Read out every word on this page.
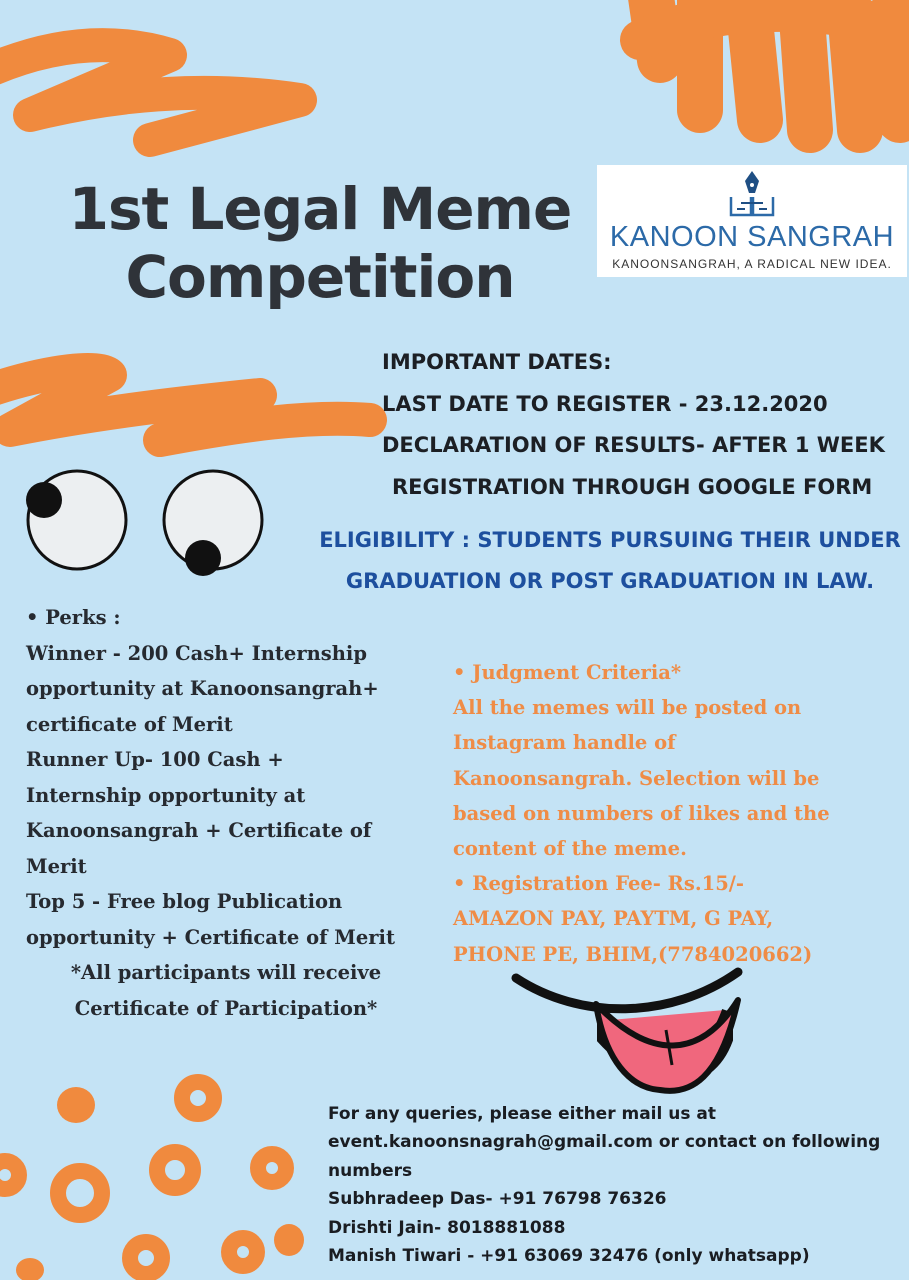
1st Legal Meme
Competition
KANOON SANGRAH
KANOONSANGRAH, A RADICAL NEW IDEA.
IMPORTANT DATES:
LAST DATE TO REGISTER - 23.12.2020
DECLARATION OF RESULTS- AFTER 1 WEEK
REGISTRATION THROUGH GOOGLE FORM
ELIGIBILITY : STUDENTS PURSUING THEIR UNDER
GRADUATION OR POST GRADUATION IN LAW.
• Perks :
Winner - 200 Cash+ Internship
opportunity at Kanoonsangrah+
certificate of Merit
Runner Up- 100 Cash +
Internship opportunity at
Kanoonsangrah + Certificate of
Merit
Top 5 - Free blog Publication
opportunity + Certificate of Merit
*All participants will receive
Certificate of Participation*
• Judgment Criteria*
All the memes will be posted on
Instagram handle of
Kanoonsangrah. Selection will be
based on numbers of likes and the
content of the meme.
• Registration Fee- Rs.15/-
AMAZON PAY, PAYTM, G PAY,
PHONE PE, BHIM,(7784020662)
For any queries, please either mail us at
event.kanoonsnagrah@gmail.com or contact on following
numbers
Subhradeep Das- +91 76798 76326
Drishti Jain- 8018881088
Manish Tiwari - +91 63069 32476 (only whatsapp)
